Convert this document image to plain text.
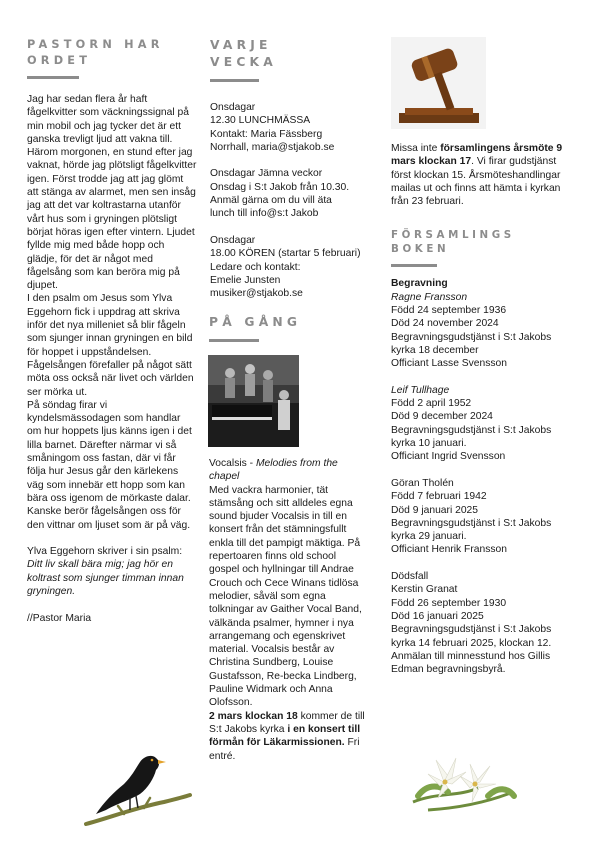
PASTORN HAR
ORDET

Jag har sedan flera år haft fågelkvitter som väckningssignal på min mobil och jag tycker det är ett ganska trevligt ljud att vakna till. Härom morgonen, en stund efter jag vaknat, hörde jag plötsligt fågelkvitter igen. Först trodde jag att jag glömt att stänga av alarmet, men sen insåg jag att det var koltrastarna utanför vårt hus som i gryningen plötsligt börjat höras igen efter vintern. Ljudet fyllde mig med både hopp och glädje, för det är något med fågelsång som kan beröra mig på djupet.

I den psalm om Jesus som Ylva Eggehorn fick i uppdrag att skriva inför det nya milleniet så blir fågeln som sjunger innan gryningen en bild för hoppet i uppståndelsen.

Fågelsången förefaller på något sätt möta oss också när livet och världen ser mörka ut.

På söndag firar vi kyndelsmässodagen som handlar om hur hoppets ljus känns igen i det lilla barnet. Därefter närmar vi så småningom oss fastan, där vi får följa hur Jesus går den kärlekens väg som innebär ett hopp som kan bära oss igenom de mörkaste dalar.

Kanske berör fågelsången oss för den vittnar om ljuset som är på väg.

Ylva Eggehorn skriver i sin psalm: Ditt liv skall bära mig; jag hör en koltrast som sjunger timman innan gryningen.

//Pastor Maria

VARJE
VECKA

Onsdagar

12.30 LUNCHMÄSSA

Kontakt: Maria Fässberg

Norrhall, maria@stjakob.se

Onsdagar Jämna veckor

Onsdag i S:t Jakob från 10.30.

Anmäl gärna om du vill äta

lunch till info@s:t Jakob

Onsdagar

18.00 KÖREN (startar 5 februari)

Ledare och kontakt:

Emelie Junsten

musiker@stjakob.se

PÅ GÅNG

Vocalsis - Melodies from the chapel

Med vackra harmonier, tät stämsång och sitt alldeles egna sound bjuder Vocalsis in till en konsert från det stämningsfullt enkla till det pampigt mäktiga. På repertoaren finns old school gospel och hyllningar till Andrae Crouch och Cece Winans tidlösa melodier, såväl som egna tolkningar av Gaither Vocal Band, välkända psalmer, hymner i nya arrangemang och egenskrivet material. Vocalsis består av Christina Sundberg, Louise Gustafsson, Re-becka Lindberg, Pauline Widmark och Anna Olofsson.

2 mars klockan 18 kommer de till S:t Jakobs kyrka i en konsert till förmån för Läkarmissionen. Fri entré.

Missa inte församlingens årsmöte 9 mars klockan 17. Vi firar gudstjänst först klockan 15. Årsmöteshandlingar mailas ut och finns att hämta i kyrkan från 23 februari.

FÖRSAMLINGS
BOKEN

Begravning

Ragne Fransson

Född 24 september 1936

Död 24 november 2024

Begravningsgudstjänst i S:t Jakobs kyrka 18 december

Officiant Lasse Svensson

Leif Tullhage

Född 2 april 1952

Död 9 december 2024

Begravningsgudstjänst i S:t Jakobs kyrka 10 januari.

Officiant Ingrid Svensson

Göran Tholén

Född 7 februari 1942

Död 9 januari 2025

Begravningsgudstjänst i S:t Jakobs kyrka 29 januari.

Officiant Henrik Fransson

Dödsfall

Kerstin Granat

Född 26 september 1930

Död 16 januari 2025

Begravningsgudstjänst i S:t Jakobs kyrka 14 februari 2025, klockan 12.

Anmälan till minnesstund hos Gillis Edman begravningsbyrå.
